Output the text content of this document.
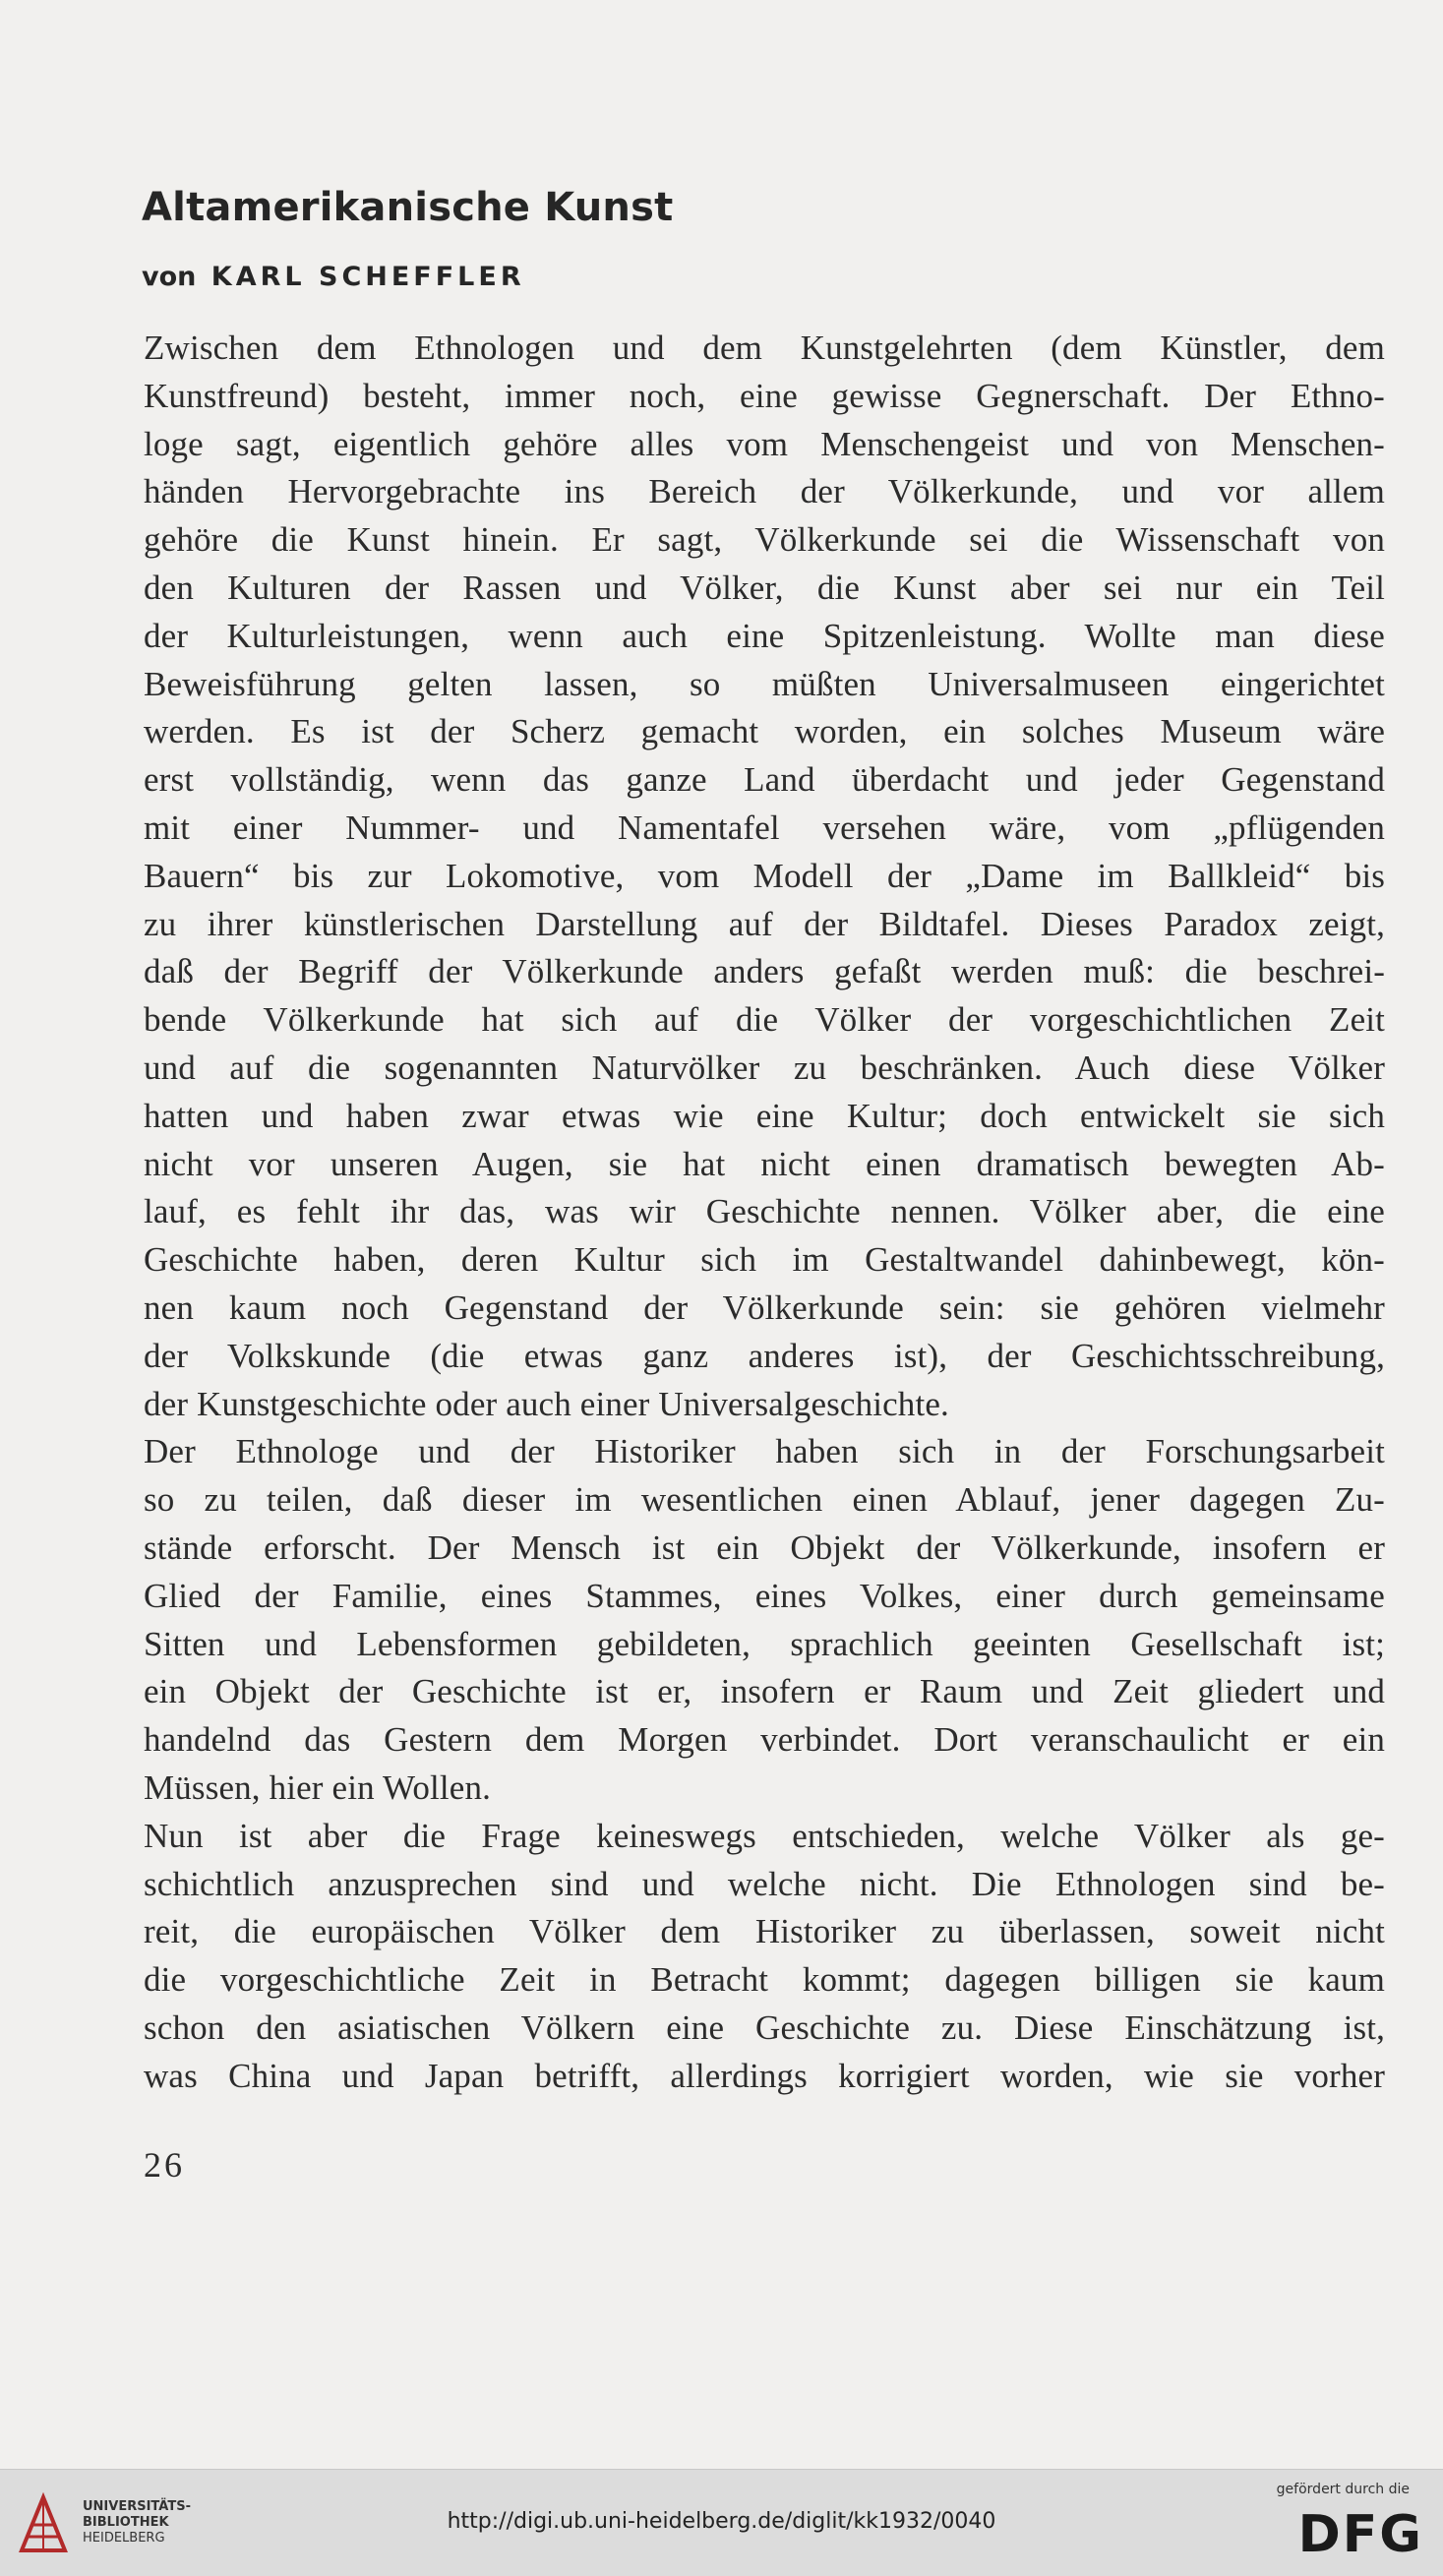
Altamerikanische Kunst
von KARL SCHEFFLER
Zwischen dem Ethnologen und dem Kunstgelehrten (dem Künstler, dem
Kunstfreund) besteht, immer noch, eine gewisse Gegnerschaft. Der Ethno-
loge sagt, eigentlich gehöre alles vom Menschengeist und von Menschen-
händen Hervorgebrachte ins Bereich der Völkerkunde, und vor allem
gehöre die Kunst hinein. Er sagt, Völkerkunde sei die Wissenschaft von
den Kulturen der Rassen und Völker, die Kunst aber sei nur ein Teil
der Kulturleistungen, wenn auch eine Spitzenleistung. Wollte man diese
Beweisführung gelten lassen, so müßten Universalmuseen eingerichtet
werden. Es ist der Scherz gemacht worden, ein solches Museum wäre
erst vollständig, wenn das ganze Land überdacht und jeder Gegenstand
mit einer Nummer- und Namentafel versehen wäre, vom „pflügenden
Bauern“ bis zur Lokomotive, vom Modell der „Dame im Ballkleid“ bis
zu ihrer künstlerischen Darstellung auf der Bildtafel. Dieses Paradox zeigt,
daß der Begriff der Völkerkunde anders gefaßt werden muß: die beschrei-
bende Völkerkunde hat sich auf die Völker der vorgeschichtlichen Zeit
und auf die sogenannten Naturvölker zu beschränken. Auch diese Völker
hatten und haben zwar etwas wie eine Kultur; doch entwickelt sie sich
nicht vor unseren Augen, sie hat nicht einen dramatisch bewegten Ab-
lauf, es fehlt ihr das, was wir Geschichte nennen. Völker aber, die eine
Geschichte haben, deren Kultur sich im Gestaltwandel dahinbewegt, kön-
nen kaum noch Gegenstand der Völkerkunde sein: sie gehören vielmehr
der Volkskunde (die etwas ganz anderes ist), der Geschichtsschreibung,
der Kunstgeschichte oder auch einer Universalgeschichte.
Der Ethnologe und der Historiker haben sich in der Forschungsarbeit
so zu teilen, daß dieser im wesentlichen einen Ablauf, jener dagegen Zu-
stände erforscht. Der Mensch ist ein Objekt der Völkerkunde, insofern er
Glied der Familie, eines Stammes, eines Volkes, einer durch gemeinsame
Sitten und Lebensformen gebildeten, sprachlich geeinten Gesellschaft ist;
ein Objekt der Geschichte ist er, insofern er Raum und Zeit gliedert und
handelnd das Gestern dem Morgen verbindet. Dort veranschaulicht er ein
Müssen, hier ein Wollen.
Nun ist aber die Frage keineswegs entschieden, welche Völker als ge-
schichtlich anzusprechen sind und welche nicht. Die Ethnologen sind be-
reit, die europäischen Völker dem Historiker zu überlassen, soweit nicht
die vorgeschichtliche Zeit in Betracht kommt; dagegen billigen sie kaum
schon den asiatischen Völkern eine Geschichte zu. Diese Einschätzung ist,
was China und Japan betrifft, allerdings korrigiert worden, wie sie vorher
26
UNIVERSITÄTS-
BIBLIOTHEK
HEIDELBERG
http://digi.ub.uni-heidelberg.de/diglit/kk1932/0040
gefördert durch die
DFG
